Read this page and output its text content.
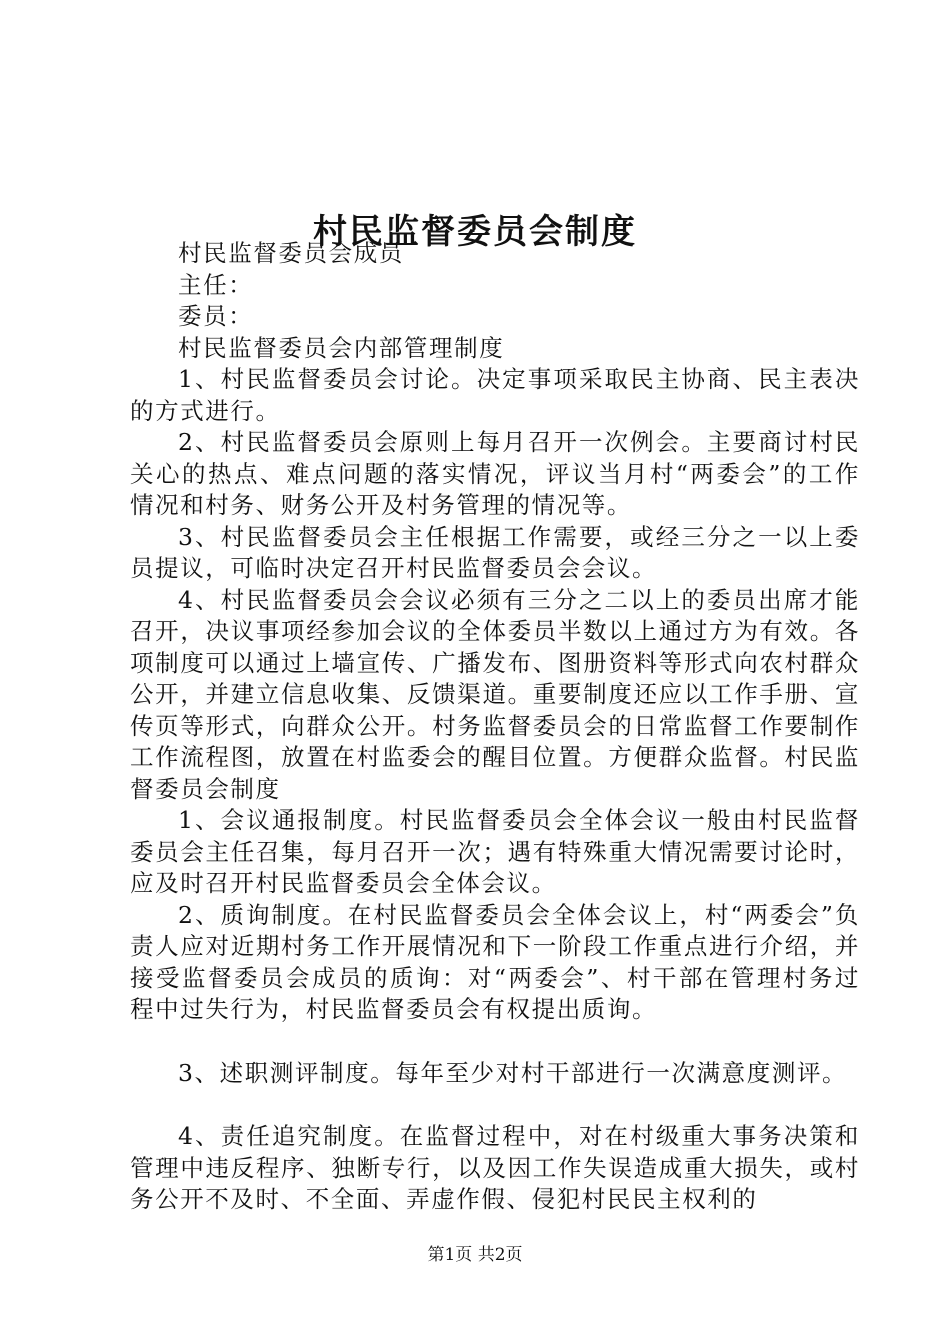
村民监督委员会制度

村民监督委员会成员

主任：

委员：

村民监督委员会内部管理制度

1、村民监督委员会讨论。决定事项采取民主协商、民主表决的方式进行。

2、村民监督委员会原则上每月召开一次例会。主要商讨村民关心的热点、难点问题的落实情况，评议当月村“两委会”的工作情况和村务、财务公开及村务管理的情况等。

3、村民监督委员会主任根据工作需要，或经三分之一以上委员提议，可临时决定召开村民监督委员会会议。

4、村民监督委员会会议必须有三分之二以上的委员出席才能召开，决议事项经参加会议的全体委员半数以上通过方为有效。各项制度可以通过上墙宣传、广播发布、图册资料等形式向农村群众公开，并建立信息收集、反馈渠道。重要制度还应以工作手册、宣传页等形式，向群众公开。村务监督委员会的日常监督工作要制作工作流程图，放置在村监委会的醒目位置。方便群众监督。村民监督委员会制度

1、会议通报制度。村民监督委员会全体会议一般由村民监督委员会主任召集，每月召开一次；遇有特殊重大情况需要讨论时，应及时召开村民监督委员会全体会议。

2、质询制度。在村民监督委员会全体会议上，村“两委会”负责人应对近期村务工作开展情况和下一阶段工作重点进行介绍，并接受监督委员会成员的质询：对“两委会”、村干部在管理村务过程中过失行为，村民监督委员会有权提出质询。

3、述职测评制度。每年至少对村干部进行一次满意度测评。

4、责任追究制度。在监督过程中，对在村级重大事务决策和管理中违反程序、独断专行，以及因工作失误造成重大损失，或村务公开不及时、不全面、弄虚作假、侵犯村民民主权利的

第1页 共2页
